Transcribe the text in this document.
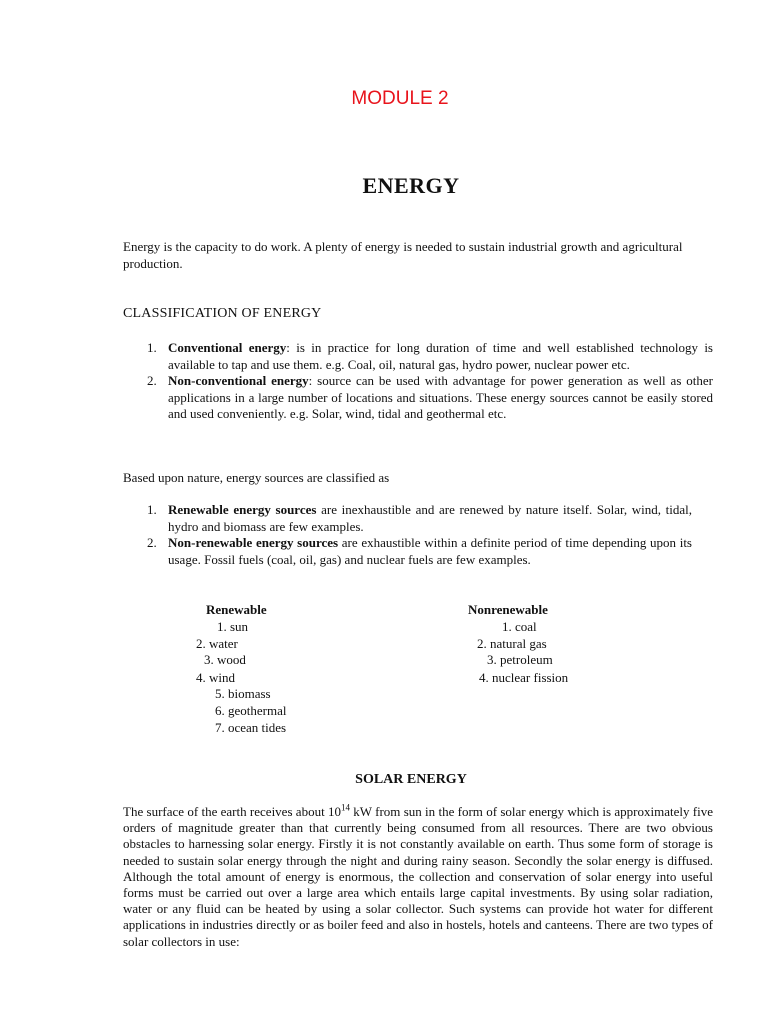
MODULE 2
ENERGY
Energy is the capacity to do work. A plenty of energy is needed to sustain industrial growth and agricultural production.
CLASSIFICATION OF ENERGY
1. Conventional energy: is in practice for long duration of time and well established technology is available to tap and use them. e.g. Coal, oil, natural gas, hydro power, nuclear power etc.
2. Non-conventional energy: source can be used with advantage for power generation as well as other applications in a large number of locations and situations. These energy sources cannot be easily stored and used conveniently. e.g. Solar, wind, tidal and geothermal etc.
Based upon nature, energy sources are classified as
1. Renewable energy sources are inexhaustible and are renewed by nature itself. Solar, wind, tidal, hydro and biomass are few examples.
2. Non-renewable energy sources are exhaustible within a definite period of time depending upon its usage. Fossil fuels (coal, oil, gas) and nuclear fuels are few examples.
Renewable	Nonrenewable
1. sun
2. water
3. wood
4. wind
5. biomass
6. geothermal
7. ocean tides
1. coal
2. natural gas
3. petroleum
4. nuclear fission
SOLAR ENERGY
The surface of the earth receives about $10^{14}$ kW from sun in the form of solar energy which is approximately five orders of magnitude greater than that currently being consumed from all resources. There are two obvious obstacles to harnessing solar energy. Firstly it is not constantly available on earth. Thus some form of storage is needed to sustain solar energy through the night and during rainy season. Secondly the solar energy is diffused. Although the total amount of energy is enormous, the collection and conservation of solar energy into useful forms must be carried out over a large area which entails large capital investments. By using solar radiation, water or any fluid can be heated by using a solar collector. Such systems can provide hot water for different applications in industries directly or as boiler feed and also in hostels, hotels and canteens. There are two types of solar collectors in use:
